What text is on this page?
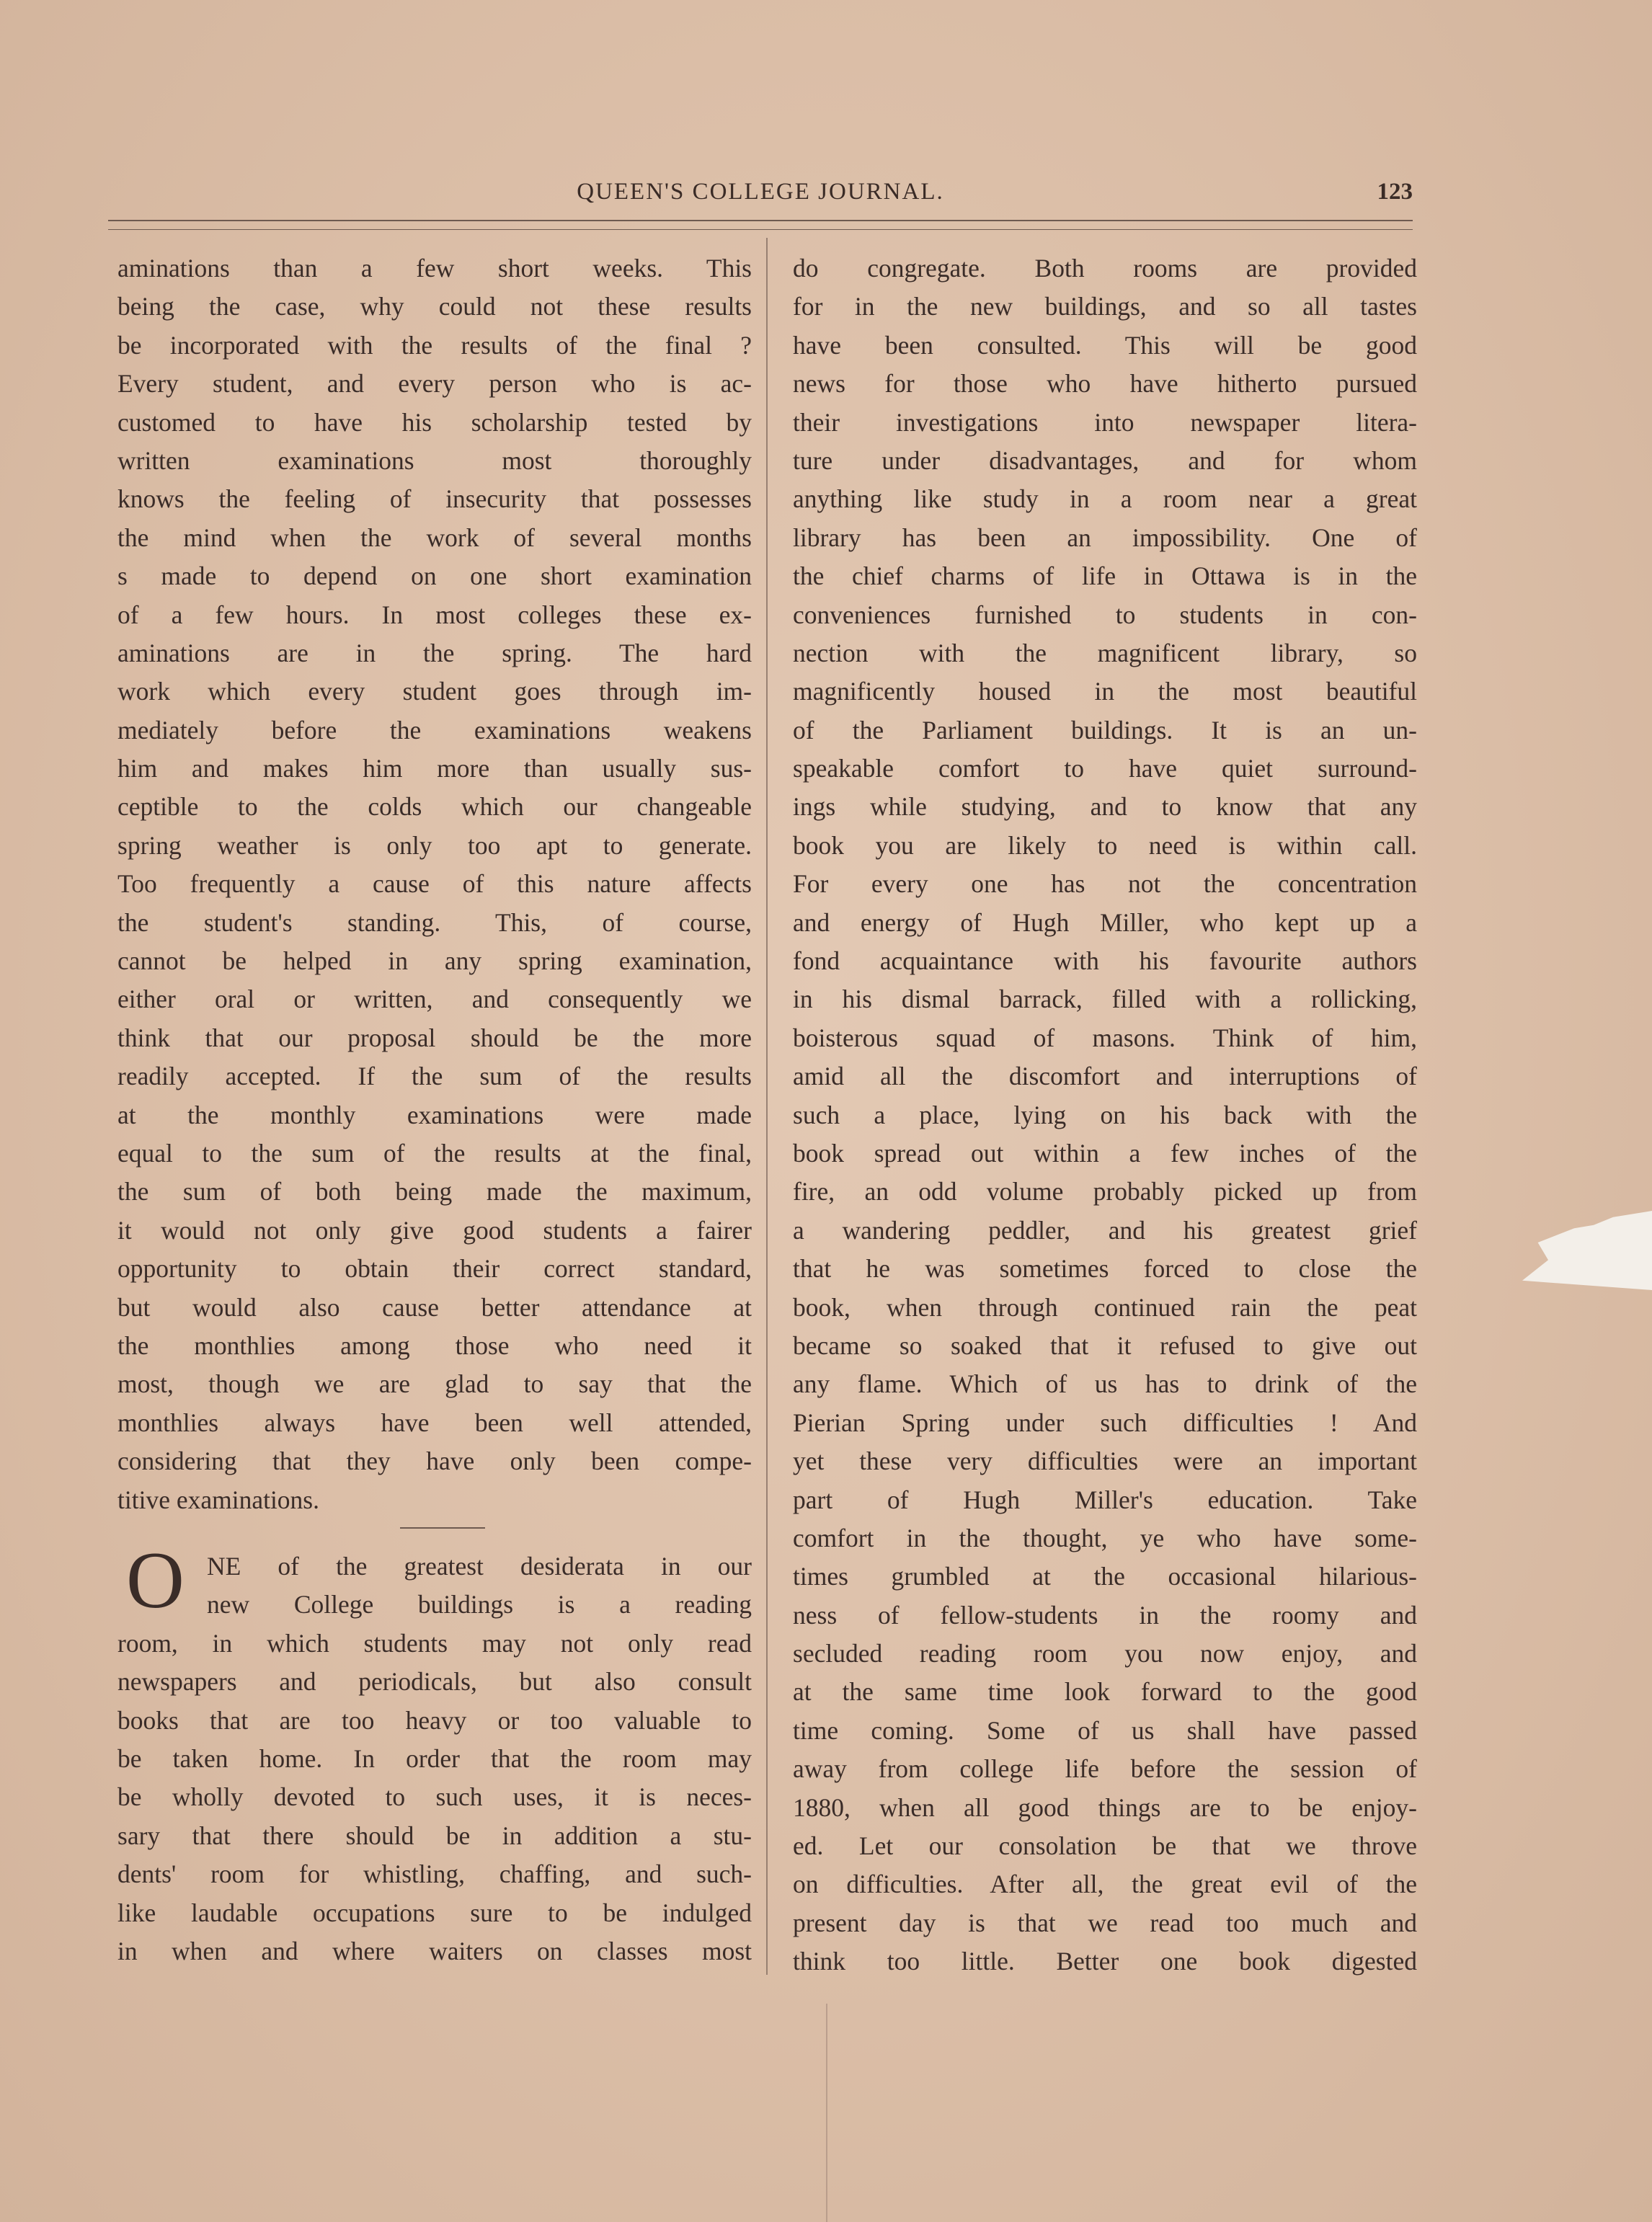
QUEEN'S COLLEGE JOURNAL.	123
aminations than a few short weeks. This
being the case, why could not these results
be incorporated with the results of the final ?
Every student, and every person who is ac-
customed to have his scholarship tested by
written examinations most thoroughly
knows the feeling of insecurity that possesses
the mind when the work of several months
s made to depend on one short examination
of a few hours. In most colleges these ex-
aminations are in the spring. The hard
work which every student goes through im-
mediately before the examinations weakens
him and makes him more than usually sus-
ceptible to the colds which our changeable
spring weather is only too apt to generate.
Too frequently a cause of this nature affects
the student's standing. This, of course,
cannot be helped in any spring examination,
either oral or written, and consequently we
think that our proposal should be the more
readily accepted. If the sum of the results
at the monthly examinations were made
equal to the sum of the results at the final,
the sum of both being made the maximum,
it would not only give good students a fairer
opportunity to obtain their correct standard,
but would also cause better attendance at
the monthlies among those who need it
most, though we are glad to say that the
monthlies always have been well attended,
considering that they have only been compe-
titive examinations.
O NE of the greatest desiderata in our
new College buildings is a reading
room, in which students may not only read
newspapers and periodicals, but also consult
books that are too heavy or too valuable to
be taken home. In order that the room may
be wholly devoted to such uses, it is neces-
sary that there should be in addition a stu-
dents' room for whistling, chaffing, and such-
like laudable occupations sure to be indulged
in when and where waiters on classes most
do congregate. Both rooms are provided
for in the new buildings, and so all tastes
have been consulted. This will be good
news for those who have hitherto pursued
their investigations into newspaper litera-
ture under disadvantages, and for whom
anything like study in a room near a great
library has been an impossibility. One of
the chief charms of life in Ottawa is in the
conveniences furnished to students in con-
nection with the magnificent library, so
magnificently housed in the most beautiful
of the Parliament buildings. It is an un-
speakable comfort to have quiet surround-
ings while studying, and to know that any
book you are likely to need is within call.
For every one has not the concentration
and energy of Hugh Miller, who kept up a
fond acquaintance with his favourite authors
in his dismal barrack, filled with a rollicking,
boisterous squad of masons. Think of him,
amid all the discomfort and interruptions of
such a place, lying on his back with the
book spread out within a few inches of the
fire, an odd volume probably picked up from
a wandering peddler, and his greatest grief
that he was sometimes forced to close the
book, when through continued rain the peat
became so soaked that it refused to give out
any flame. Which of us has to drink of the
Pierian Spring under such difficulties ! And
yet these very difficulties were an important
part of Hugh Miller's education. Take
comfort in the thought, ye who have some-
times grumbled at the occasional hilarious-
ness of fellow-students in the roomy and
secluded reading room you now enjoy, and
at the same time look forward to the good
time coming. Some of us shall have passed
away from college life before the session of
1880, when all good things are to be enjoy-
ed. Let our consolation be that we throve
on difficulties. After all, the great evil of the
present day is that we read too much and
think too little. Better one book digested
